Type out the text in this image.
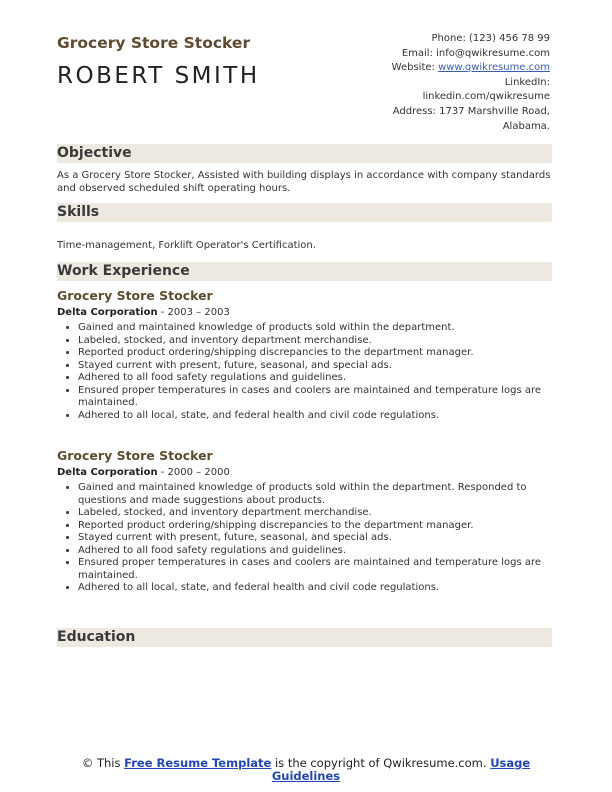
Grocery Store Stocker
ROBERT SMITH
Phone: (123) 456 78 99
Email: info@qwikresume.com
Website: www.qwikresume.com
LinkedIn:
linkedin.com/qwikresume
Address: 1737 Marshville Road,
Alabama.
Objective
As a Grocery Store Stocker, Assisted with building displays in accordance with company standards and observed scheduled shift operating hours.
Skills
Time-management, Forklift Operator's Certification.
Work Experience
Grocery Store Stocker
Delta Corporation - 2003 – 2003
• Gained and maintained knowledge of products sold within the department.
• Labeled, stocked, and inventory department merchandise.
• Reported product ordering/shipping discrepancies to the department manager.
• Stayed current with present, future, seasonal, and special ads.
• Adhered to all food safety regulations and guidelines.
• Ensured proper temperatures in cases and coolers are maintained and temperature logs are maintained.
• Adhered to all local, state, and federal health and civil code regulations.
Grocery Store Stocker
Delta Corporation - 2000 – 2000
• Gained and maintained knowledge of products sold within the department. Responded to questions and made suggestions about products.
• Labeled, stocked, and inventory department merchandise.
• Reported product ordering/shipping discrepancies to the department manager.
• Stayed current with present, future, seasonal, and special ads.
• Adhered to all food safety regulations and guidelines.
• Ensured proper temperatures in cases and coolers are maintained and temperature logs are maintained.
• Adhered to all local, state, and federal health and civil code regulations.
Education
© This Free Resume Template is the copyright of Qwikresume.com. Usage Guidelines
